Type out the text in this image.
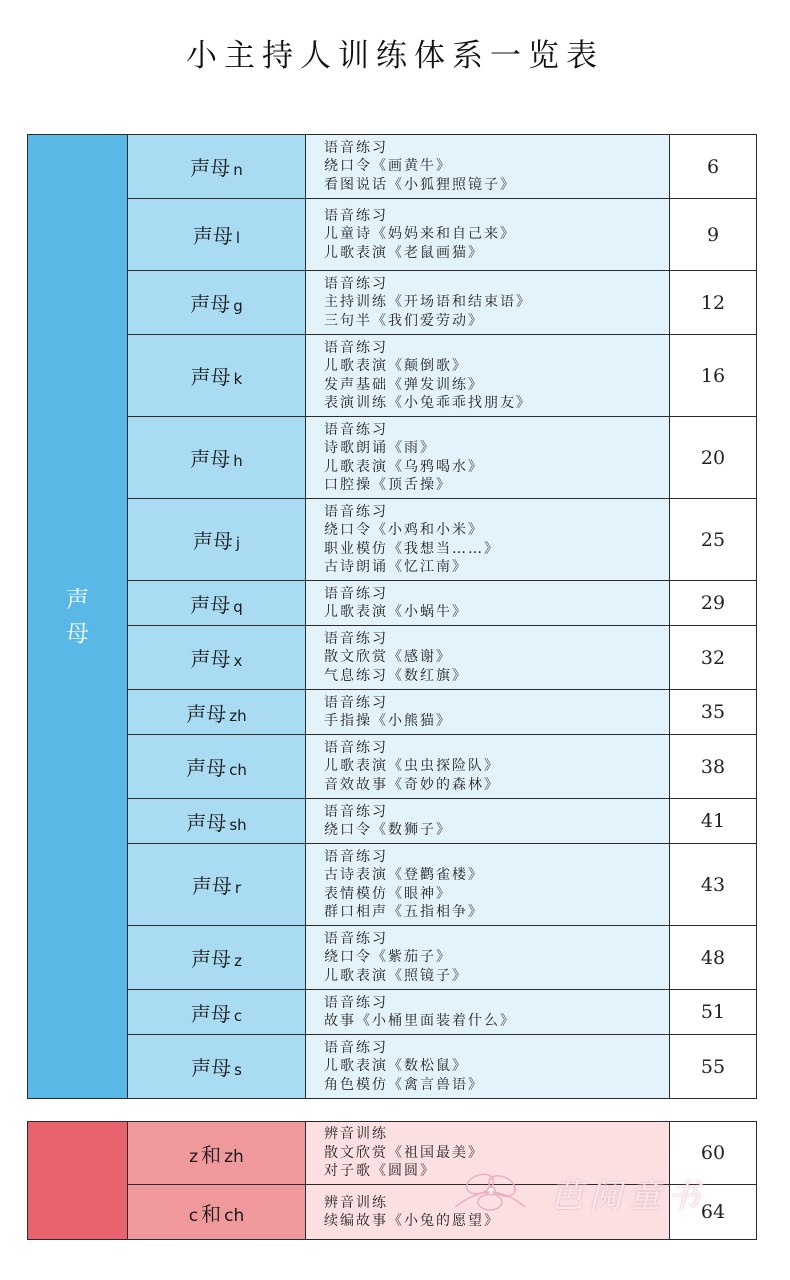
小主持人训练体系一览表
声
母	声母 n	语音练习
绕口令《画黄牛》
看图说话《小狐狸照镜子》	6
	声母 l	语音练习
儿童诗《妈妈来和自己来》
儿歌表演《老鼠画猫》	9
	声母 g	语音练习
主持训练《开场语和结束语》
三句半《我们爱劳动》	12
	声母 k	语音练习
儿歌表演《颠倒歌》
发声基础《弹发训练》
表演训练《小兔乖乖找朋友》	16
	声母 h	语音练习
诗歌朗诵《雨》
儿歌表演《乌鸦喝水》
口腔操《顶舌操》	20
	声母 j	语音练习
绕口令《小鸡和小米》
职业模仿《我想当……》
古诗朗诵《忆江南》	25
	声母 q	语音练习
儿歌表演《小蜗牛》	29
	声母 x	语音练习
散文欣赏《感谢》
气息练习《数红旗》	32
	声母 zh	语音练习
手指操《小熊猫》	35
	声母 ch	语音练习
儿歌表演《虫虫探险队》
音效故事《奇妙的森林》	38
	声母 sh	语音练习
绕口令《数狮子》	41
	声母 r	语音练习
古诗表演《登鹳雀楼》
表情模仿《眼神》
群口相声《五指相争》	43
	声母 z	语音练习
绕口令《紫茄子》
儿歌表演《照镜子》	48
	声母 c	语音练习
故事《小桶里面装着什么》	51
	声母 s	语音练习
儿歌表演《数松鼠》
角色模仿《禽言兽语》	55
	z 和 zh	辨音训练
散文欣赏《祖国最美》
对子歌《圆圆》	60
	c 和 ch	辨音训练
续编故事《小兔的愿望》	64
芭阅童书
